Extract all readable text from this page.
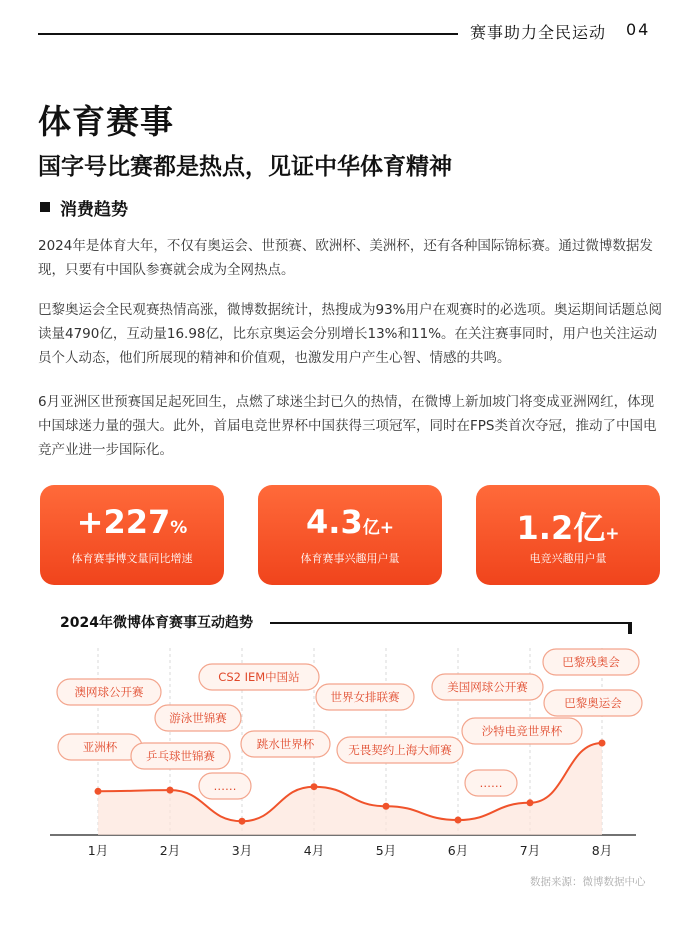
赛事助力全民运动 04
体育赛事
国字号比赛都是热点，见证中华体育精神
消费趋势

2024年是体育大年，不仅有奥运会、世预赛、欧洲杯、美洲杯，还有各种国际锦标赛。通过微博数据发现，只要有中国队参赛就会成为全网热点。

巴黎奥运会全民观赛热情高涨，微博数据统计，热搜成为93%用户在观赛时的必选项。奥运期间话题总阅读量4790亿，互动量16.98亿，比东京奥运会分别增长13%和11%。在关注赛事同时，用户也关注运动员个人动态，他们所展现的精神和价值观，也激发用户产生心智、情感的共鸣。

6月亚洲区世预赛国足起死回生，点燃了球迷尘封已久的热情，在微博上新加坡门将变成亚洲网红，体现中国球迷力量的强大。此外，首届电竞世界杯中国获得三项冠军，同时在FPS类首次夺冠，推动了中国电竞产业进一步国际化。

+227%
体育赛事博文量同比增速
4.3亿+
体育赛事兴趣用户量
1.2亿+
电竞兴趣用户量
2024年微博体育赛事互动趋势
1月	2月	3月	4月	5月	6月	7月	8月
澳网球公开赛
亚洲杯
游泳世锦赛
乒乓球世锦赛
CS2 IEM中国站
……
跳水世界杯
世界女排联赛
无畏契约上海大师赛
美国网球公开赛
沙特电竞世界杯
……
巴黎残奥会
巴黎奥运会
数据来源：微博数据中心
